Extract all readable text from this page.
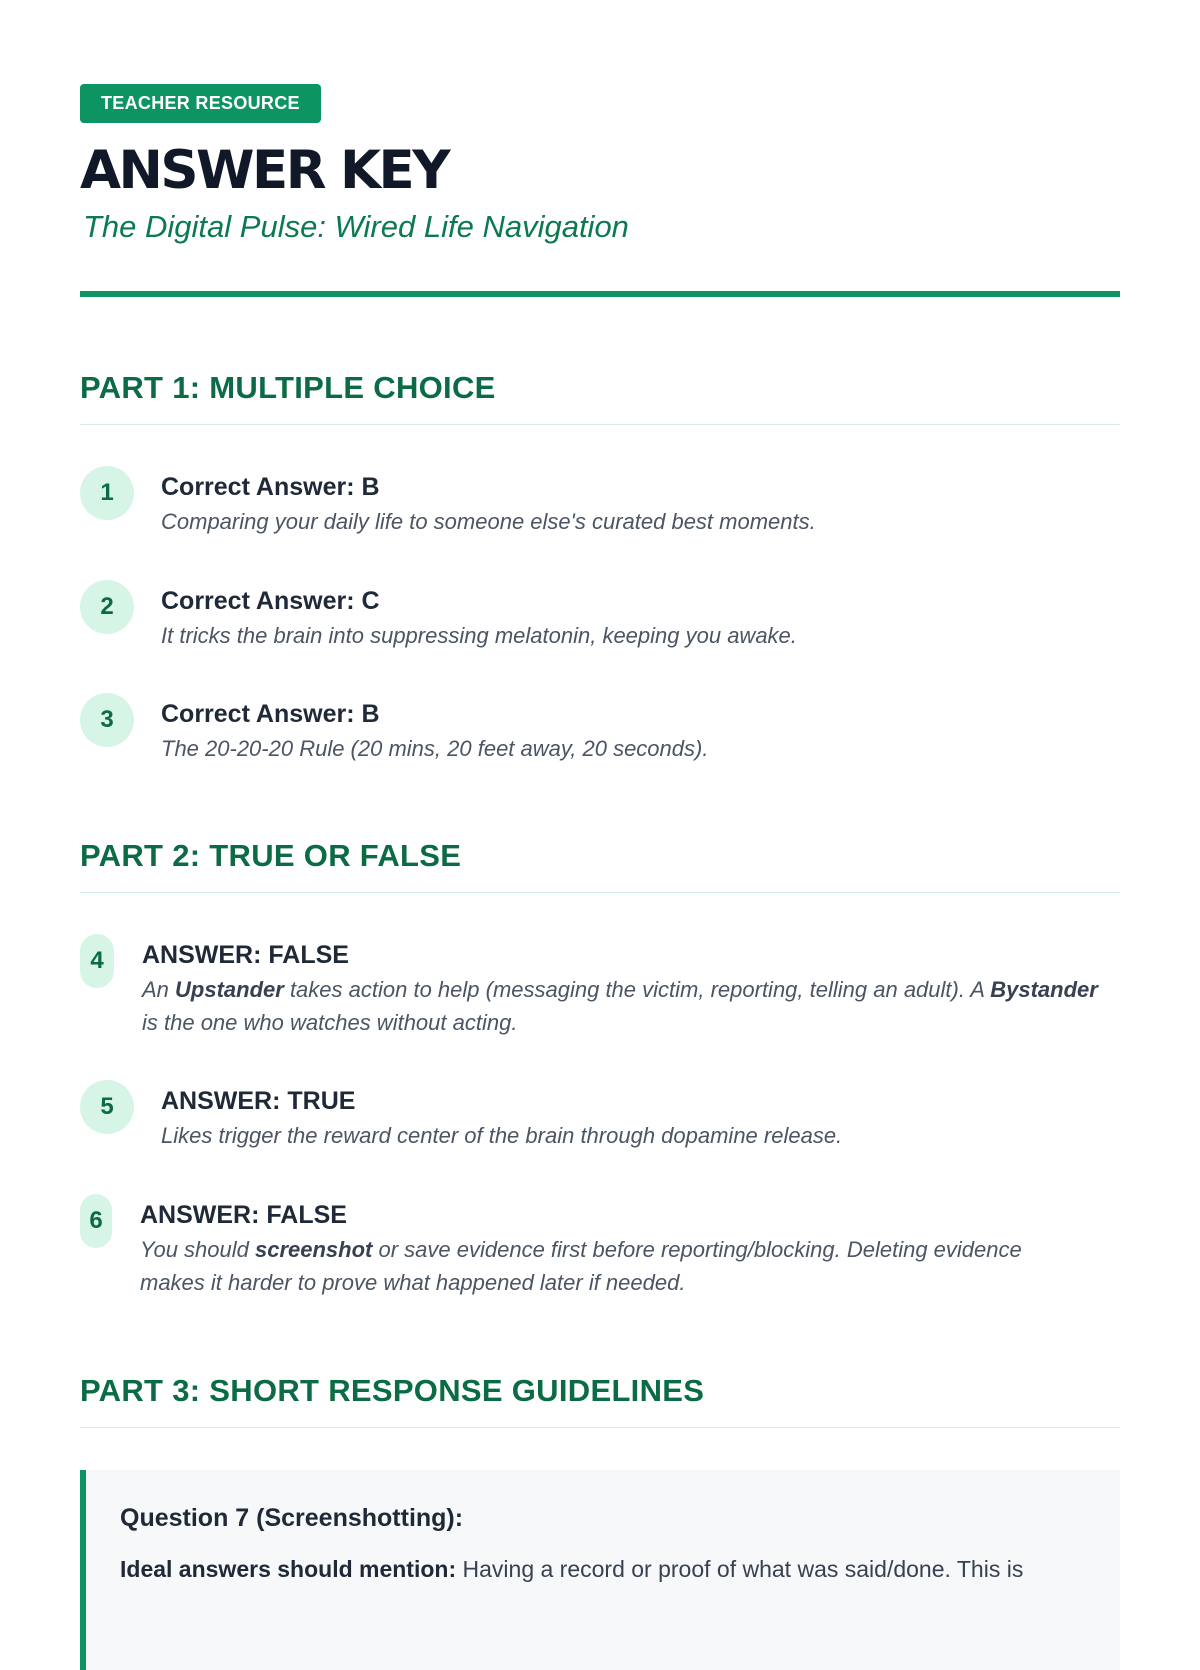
TEACHER RESOURCE
ANSWER KEY
The Digital Pulse: Wired Life Navigation
PART 1: MULTIPLE CHOICE
1	Correct Answer: B
Comparing your daily life to someone else's curated best moments.
2	Correct Answer: C
It tricks the brain into suppressing melatonin, keeping you awake.
3	Correct Answer: B
The 20-20-20 Rule (20 mins, 20 feet away, 20 seconds).
PART 2: TRUE OR FALSE
4	ANSWER: FALSE
An Upstander takes action to help (messaging the victim, reporting, telling an adult). A Bystander is the one who watches without acting.
5	ANSWER: TRUE
Likes trigger the reward center of the brain through dopamine release.
6	ANSWER: FALSE
You should screenshot or save evidence first before reporting/blocking. Deleting evidence makes it harder to prove what happened later if needed.
PART 3: SHORT RESPONSE GUIDELINES
Question 7 (Screenshotting):
Ideal answers should mention: Having a record or proof of what was said/done. This is
